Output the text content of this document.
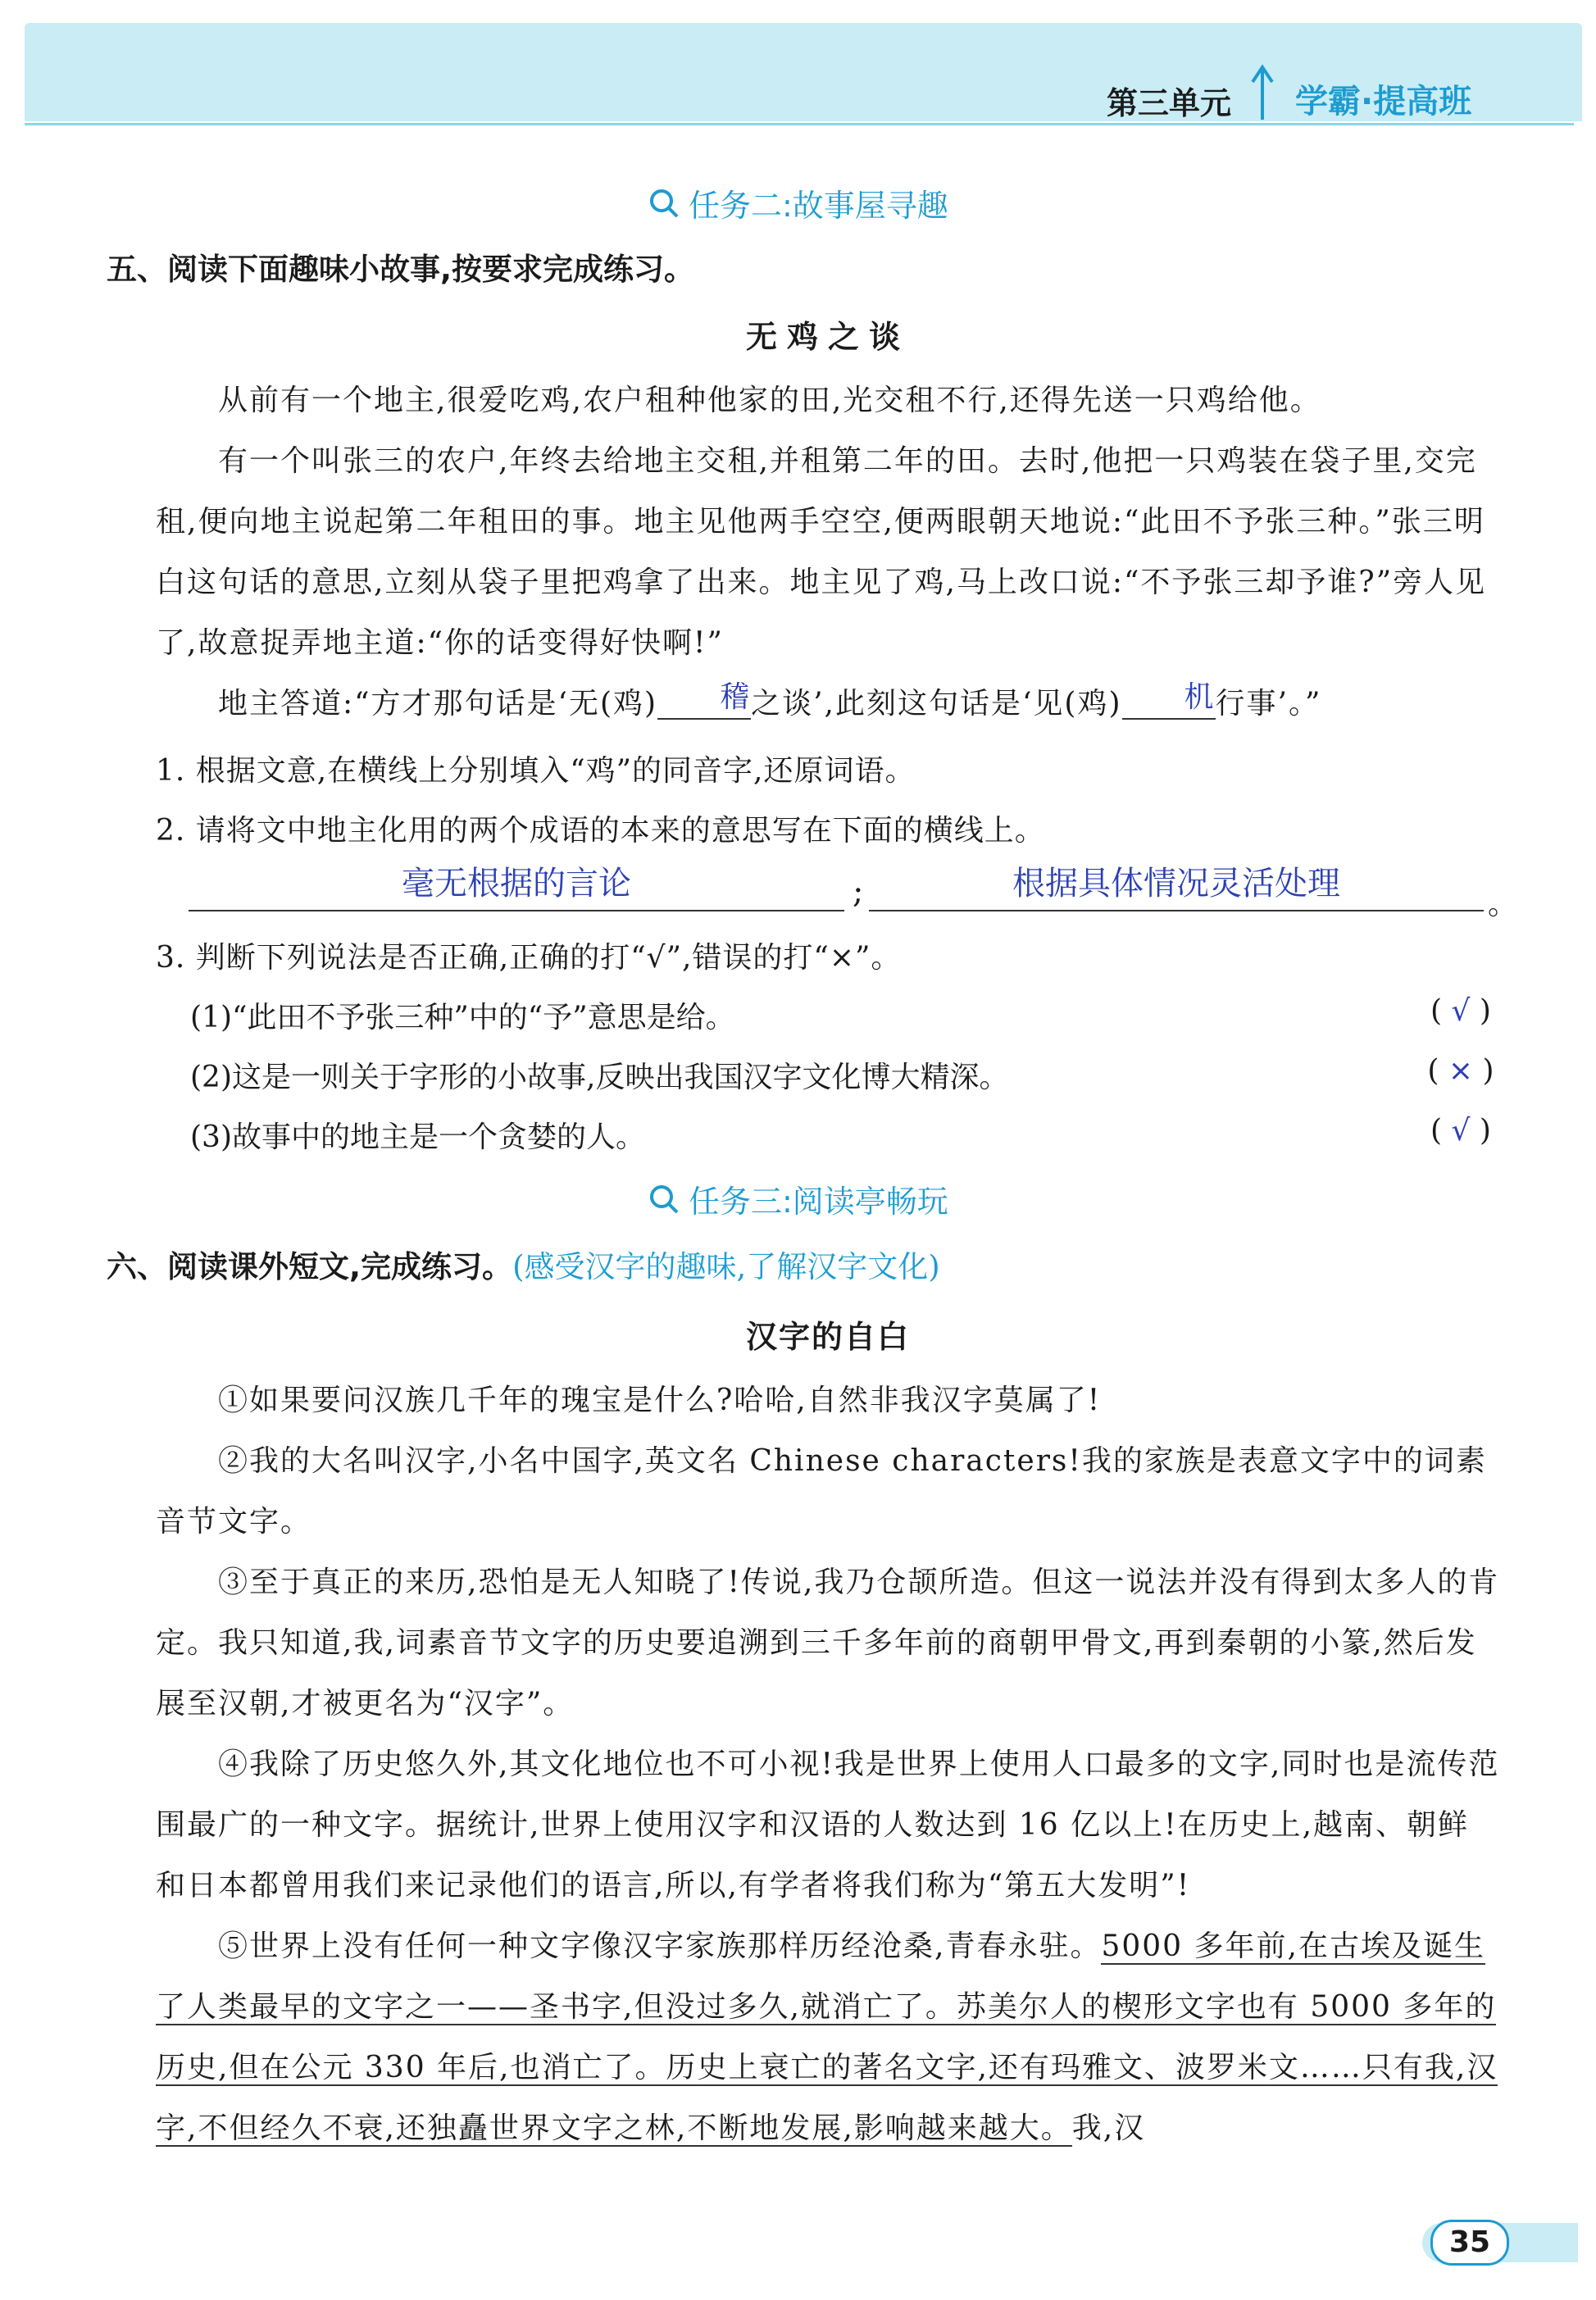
第三单元 学霸·提高班
任务二:故事屋寻趣
五、阅读下面趣味小故事,按要求完成练习。
无鸡之谈

从前有一个地主,很爱吃鸡,农户租种他家的田,光交租不行,还得先送一只鸡给他。

有一个叫张三的农户,年终去给地主交租,并租第二年的田。去时,他把一只鸡装在袋子里,交完租,便向地主说起第二年租田的事。地主见他两手空空,便两眼朝天地说:“此田不予张三种。”张三明白这句话的意思,立刻从袋子里把鸡拿了出来。地主见了鸡,马上改口说:“不予张三却予谁?”旁人见了,故意捉弄地主道:“你的话变得好快啊!”

地主答道:“方才那句话是‘无(鸡) 稽之谈’,此刻这句话是‘见(鸡) 机行事’。”

1. 根据文意,在横线上分别填入“鸡”的同音字,还原词语。
2. 请将文中地主化用的两个成语的本来的意思写在下面的横线上。
毫无根据的言论	;	根据具体情况灵活处理
。
3. 判断下列说法是否正确,正确的打“√”,错误的打“×”。
(1)“此田不予张三种”中的“予”意思是给。	( √ )
(2)这是一则关于字形的小故事,反映出我国汉字文化博大精深。	( × )
(3)故事中的地主是一个贪婪的人。	( √ )
任务三:阅读亭畅玩
六、阅读课外短文,完成练习。(感受汉字的趣味,了解汉字文化)
汉字的自白

①如果要问汉族几千年的瑰宝是什么?哈哈,自然非我汉字莫属了!

②我的大名叫汉字,小名中国字,英文名 Chinese characters!我的家族是表意文字中的词素音节文字。

③至于真正的来历,恐怕是无人知晓了!传说,我乃仓颉所造。但这一说法并没有得到太多人的肯定。我只知道,我,词素音节文字的历史要追溯到三千多年前的商朝甲骨文,再到秦朝的小篆,然后发展至汉朝,才被更名为“汉字”。

④我除了历史悠久外,其文化地位也不可小视!我是世界上使用人口最多的文字,同时也是流传范围最广的一种文字。据统计,世界上使用汉字和汉语的人数达到 16 亿以上!在历史上,越南、朝鲜和日本都曾用我们来记录他们的语言,所以,有学者将我们称为“第五大发明”!

⑤世界上没有任何一种文字像汉字家族那样历经沧桑,青春永驻。5000 多年前,在古埃及诞生了人类最早的文字之一——圣书字,但没过多久,就消亡了。苏美尔人的楔形文字也有 5000 多年的历史,但在公元 330 年后,也消亡了。历史上衰亡的著名文字,还有玛雅文、波罗米文……只有我,汉字,不但经久不衰,还独矗世界文字之林,不断地发展,影响越来越大。我,汉

35
